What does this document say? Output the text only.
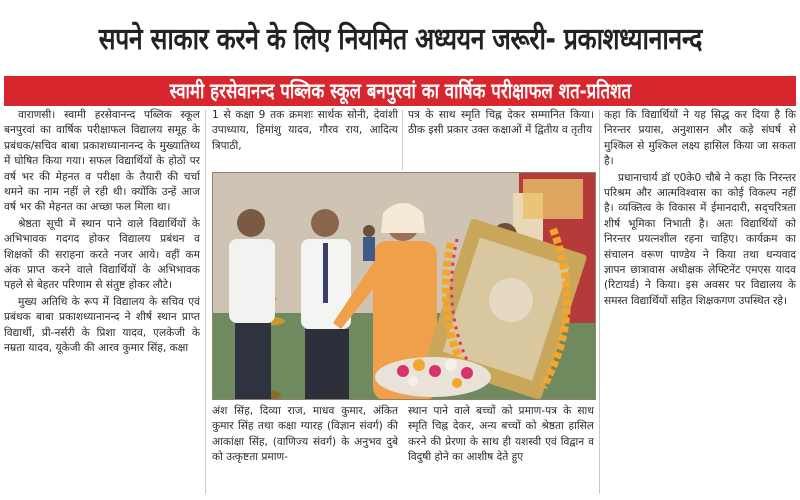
सपने साकार करने के लिए नियमित अध्ययन जरूरी- प्रकाशध्यानानन्द
स्वामी हरसेवानन्द पब्लिक स्कूल बनपुरवां का वार्षिक परीक्षाफल शत-प्रतिशत

वाराणसी। स्वामी हरसेवानन्द पब्लिक स्कूल बनपुरवां का वार्षिक परीक्षाफल विद्यालय समूह के प्रबंधक/सचिव बाबा प्रकाशध्यानानन्द के मुख्यातिथ्य में घोषित किया गया। सफल विद्यार्थियों के होठों पर वर्ष भर की मेहनत व परीक्षा के तैयारी की चर्चा थमने का नाम नहीं ले रही थी। क्योंकि उन्हें आज वर्ष भर की मेहनत का अच्छा फल मिला था।

श्रेष्ठता सूची में स्थान पाने वाले विद्यार्थियों के अभिभावक गदगद होकर विद्यालय प्रबंधन व शिक्षकों की सराहना करते नजर आये। वहीं कम अंक प्राप्त करने वाले विद्यार्थियों के अभिभावक पहले से बेहतर परिणाम से संतुष्ट होकर लौटे।

मुख्य अतिथि के रूप में विद्यालय के सचिव एवं प्रबंधक बाबा प्रकाशध्यानानन्द ने शीर्ष स्थान प्राप्त विद्यार्थी, प्री-नर्सरी के प्रिशा यादव, एलकेजी के नम्रता यादव, यूकेजी की आरव कुमार सिंह, कक्षा

1 से कक्षा 9 तक क्रमशः सार्थक सोनी, देवांशी उपाध्याय, हिमांशु यादव, गौरव राय, आदित्य त्रिपाठी,

पत्र के साथ स्मृति चिह्न देकर सम्मानित किया। ठीक इसी प्रकार उक्त कक्षाओं में द्वितीय व तृतीय

अंश सिंह, दिव्या राज, माधव कुमार, अंकित कुमार सिंह तथा कक्षा ग्यारह (विज्ञान संवर्ग) की आकांक्षा सिंह, (वाणिज्य संवर्ग) के अनुभव दुबे को उत्कृष्टता प्रमाण-

स्थान पाने वाले बच्चों को प्रमाण-पत्र के साथ स्मृति चिह्न देकर, अन्य बच्चों को श्रेष्ठता हासिल करने की प्रेरणा के साथ ही यशस्वी एवं विद्वान व विदुषी होने का आशीष देते हुए

कहा कि विद्यार्थियों ने यह सिद्ध कर दिया है कि निरन्तर प्रयास, अनुशासन और कड़े संघर्ष से मुश्किल से मुश्किल लक्ष्य हासिल किया जा सकता है।

प्रधानाचार्य डॉ ए0के0 चौबे ने कहा कि निरन्तर परिश्रम और आत्मविश्वास का कोई विकल्प नहीं है। व्यक्तित्व के विकास में ईमानदारी, सद्चरित्रता शीर्ष भूमिका निभाती है। अतः विद्यार्थियों को निरन्तर प्रयत्नशील रहना चाहिए। कार्यक्रम का संचालन वरूण पाण्डेय ने किया तथा धन्यवाद ज्ञापन छात्रावास अधीक्षक लेफ्टिनेंट एमएस यादव (रिटायर्ड) ने किया। इस अवसर पर विद्यालय के समस्त विद्यार्थियों सहित शिक्षकगण उपस्थित रहे।
